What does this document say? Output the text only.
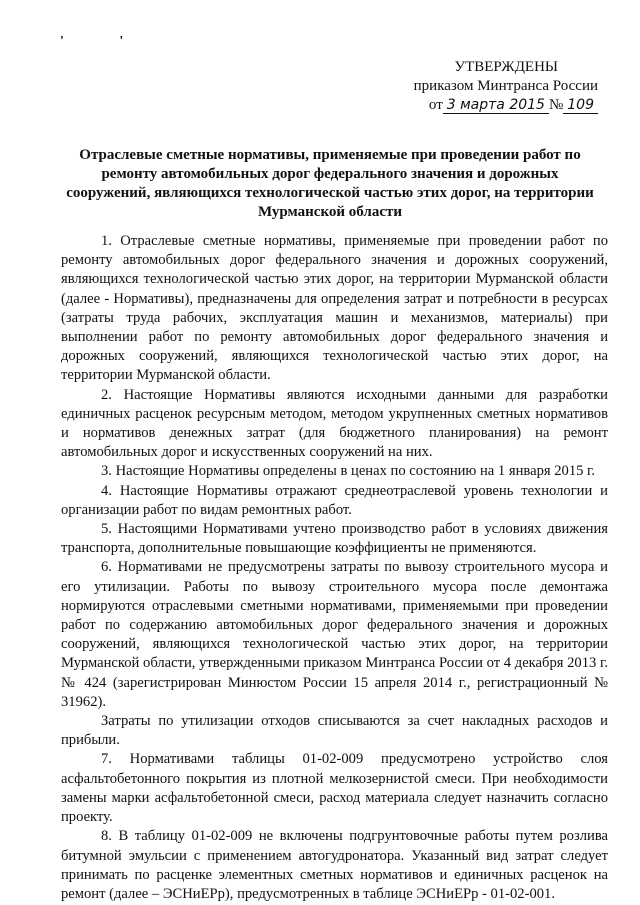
' '
УТВЕРЖДЕНЫ
приказом Минтранса России
от 3 марта 2015 № 109
Отраслевые сметные нормативы, применяемые при проведении работ по ремонту автомобильных дорог федерального значения и дорожных сооружений, являющихся технологической частью этих дорог, на территории Мурманской области

1. Отраслевые сметные нормативы, применяемые при проведении работ по ремонту автомобильных дорог федерального значения и дорожных сооружений, являющихся технологической частью этих дорог, на территории Мурманской области (далее - Нормативы), предназначены для определения затрат и потребности в ресурсах (затраты труда рабочих, эксплуатация машин и механизмов, материалы) при выполнении работ по ремонту автомобильных дорог федерального значения и дорожных сооружений, являющихся технологической частью этих дорог, на территории Мурманской области.

2. Настоящие Нормативы являются исходными данными для разработки единичных расценок ресурсным методом, методом укрупненных сметных нормативов и нормативов денежных затрат (для бюджетного планирования) на ремонт автомобильных дорог и искусственных сооружений на них.

3. Настоящие Нормативы определены в ценах по состоянию на 1 января 2015 г.

4. Настоящие Нормативы отражают среднеотраслевой уровень технологии и организации работ по видам ремонтных работ.

5. Настоящими Нормативами учтено производство работ в условиях движения транспорта, дополнительные повышающие коэффициенты не применяются.

6. Нормативами не предусмотрены затраты по вывозу строительного мусора и его утилизации. Работы по вывозу строительного мусора после демонтажа нормируются отраслевыми сметными нормативами, применяемыми при проведении работ по содержанию автомобильных дорог федерального значения и дорожных сооружений, являющихся технологической частью этих дорог, на территории Мурманской области, утвержденными приказом Минтранса России от 4 декабря 2013 г. № 424 (зарегистрирован Минюстом России 15 апреля 2014 г., регистрационный № 31962).

Затраты по утилизации отходов списываются за счет накладных расходов и прибыли.

7. Нормативами таблицы 01-02-009 предусмотрено устройство слоя асфальтобетонного покрытия из плотной мелкозернистой смеси. При необходимости замены марки асфальтобетонной смеси, расход материала следует назначить согласно проекту.

8. В таблицу 01-02-009 не включены подгрунтовочные работы путем розлива битумной эмульсии с применением автогудронатора. Указанный вид затрат следует принимать по расценке элементных сметных нормативов и единичных расценок на ремонт (далее – ЭСНиЕРр), предусмотренных в таблице ЭСНиЕРр - 01-02-001.
